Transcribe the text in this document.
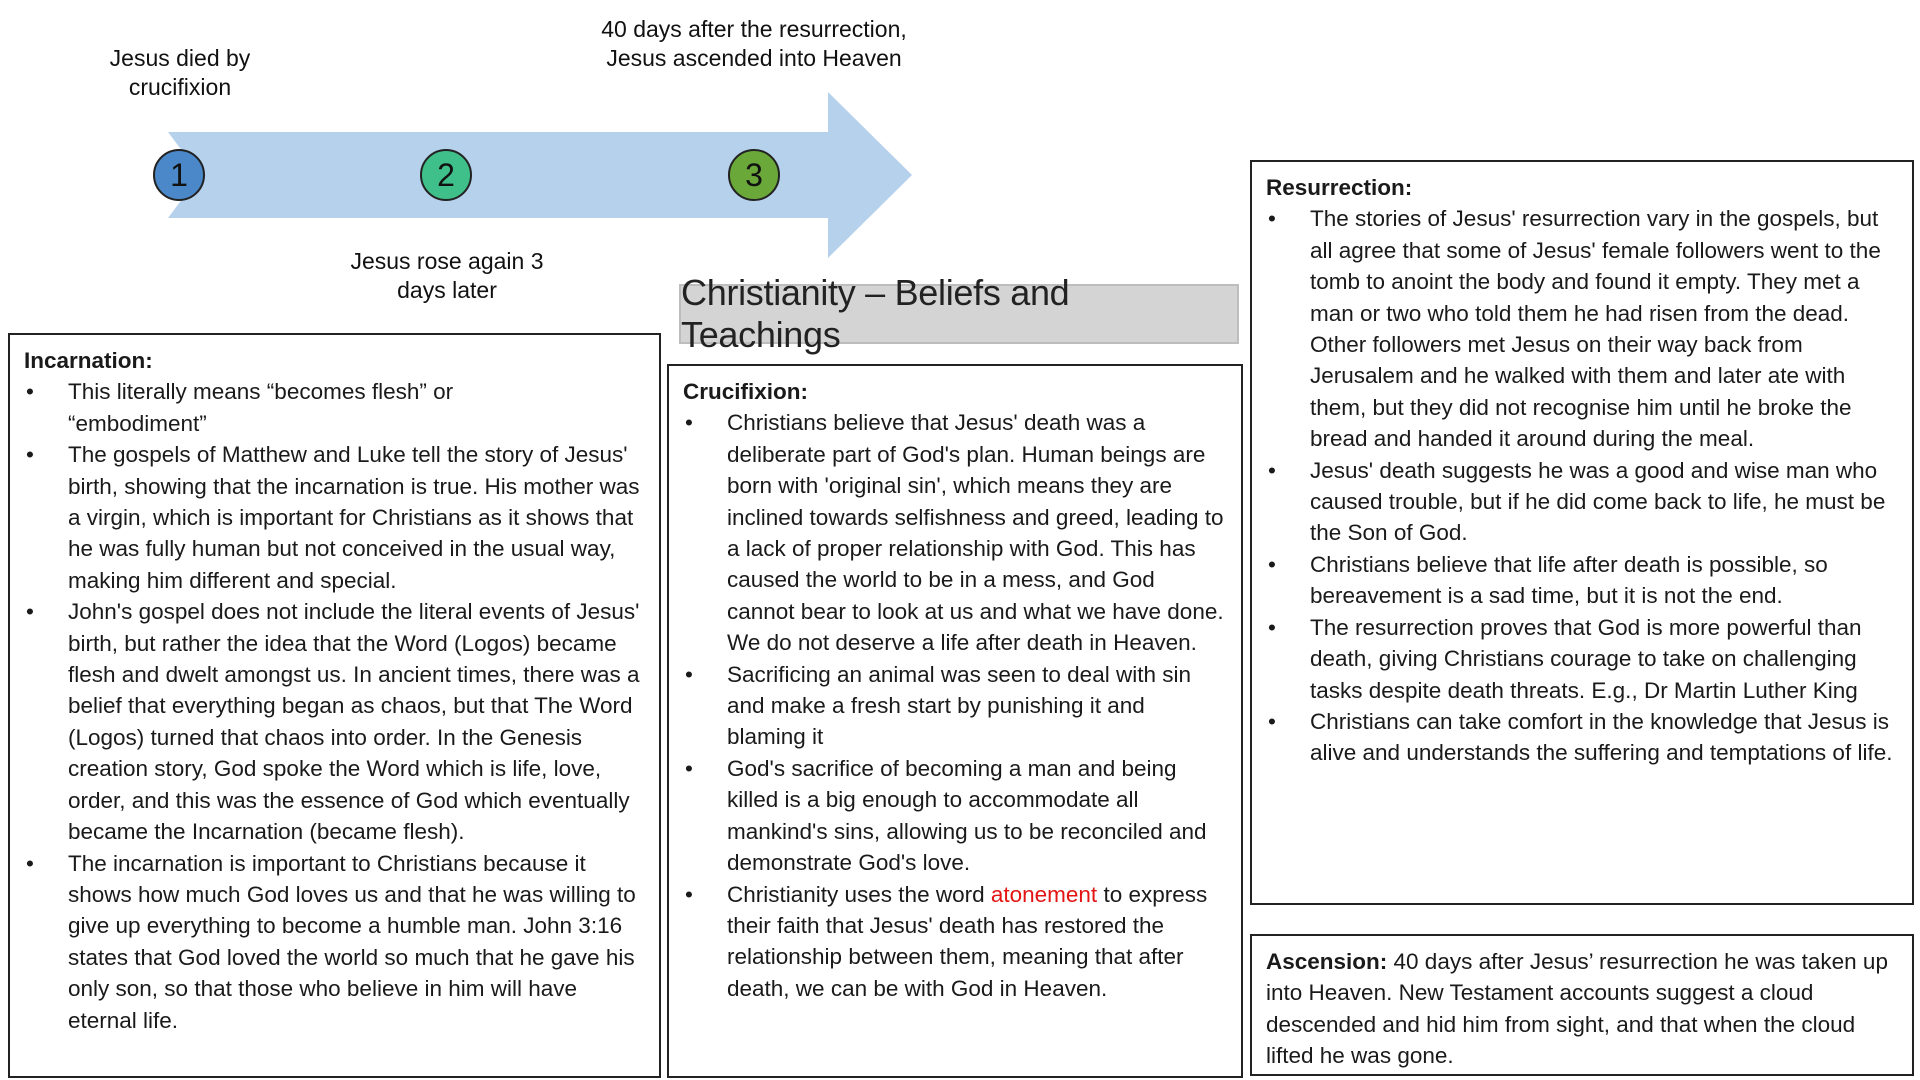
Jesus died by crucifixion
40 days after the resurrection, Jesus ascended into Heaven
Jesus rose again 3 days later
1	2	3
Christianity – Beliefs and Teachings
Incarnation:
• This literally means “becomes flesh” or “embodiment”
• The gospels of Matthew and Luke tell the story of Jesus' birth, showing that the incarnation is true. His mother was a virgin, which is important for Christians as it shows that he was fully human but not conceived in the usual way, making him different and special.
• John's gospel does not include the literal events of Jesus' birth, but rather the idea that the Word (Logos) became flesh and dwelt amongst us. In ancient times, there was a belief that everything began as chaos, but that The Word (Logos) turned that chaos into order. In the Genesis creation story, God spoke the Word which is life, love, order, and this was the essence of God which eventually became the Incarnation (became flesh).
• The incarnation is important to Christians because it shows how much God loves us and that he was willing to give up everything to become a humble man. John 3:16 states that God loved the world so much that he gave his only son, so that those who believe in him will have eternal life.
Crucifixion:
• Christians believe that Jesus' death was a deliberate part of God's plan. Human beings are born with 'original sin', which means they are inclined towards selfishness and greed, leading to a lack of proper relationship with God. This has caused the world to be in a mess, and God cannot bear to look at us and what we have done. We do not deserve a life after death in Heaven.
• Sacrificing an animal was seen to deal with sin and make a fresh start by punishing it and blaming it
• God's sacrifice of becoming a man and being killed is a big enough to accommodate all mankind's sins, allowing us to be reconciled and demonstrate God's love.
• Christianity uses the word atonement to express their faith that Jesus' death has restored the relationship between them, meaning that after death, we can be with God in Heaven.
Resurrection:
• The stories of Jesus' resurrection vary in the gospels, but all agree that some of Jesus' female followers went to the tomb to anoint the body and found it empty. They met a man or two who told them he had risen from the dead. Other followers met Jesus on their way back from Jerusalem and he walked with them and later ate with them, but they did not recognise him until he broke the bread and handed it around during the meal.
• Jesus' death suggests he was a good and wise man who caused trouble, but if he did come back to life, he must be the Son of God.
• Christians believe that life after death is possible, so bereavement is a sad time, but it is not the end.
• The resurrection proves that God is more powerful than death, giving Christians courage to take on challenging tasks despite death threats. E.g., Dr Martin Luther King
• Christians can take comfort in the knowledge that Jesus is alive and understands the suffering and temptations of life.
Ascension: 40 days after Jesus’ resurrection he was taken up into Heaven. New Testament accounts suggest a cloud descended and hid him from sight, and that when the cloud lifted he was gone.
